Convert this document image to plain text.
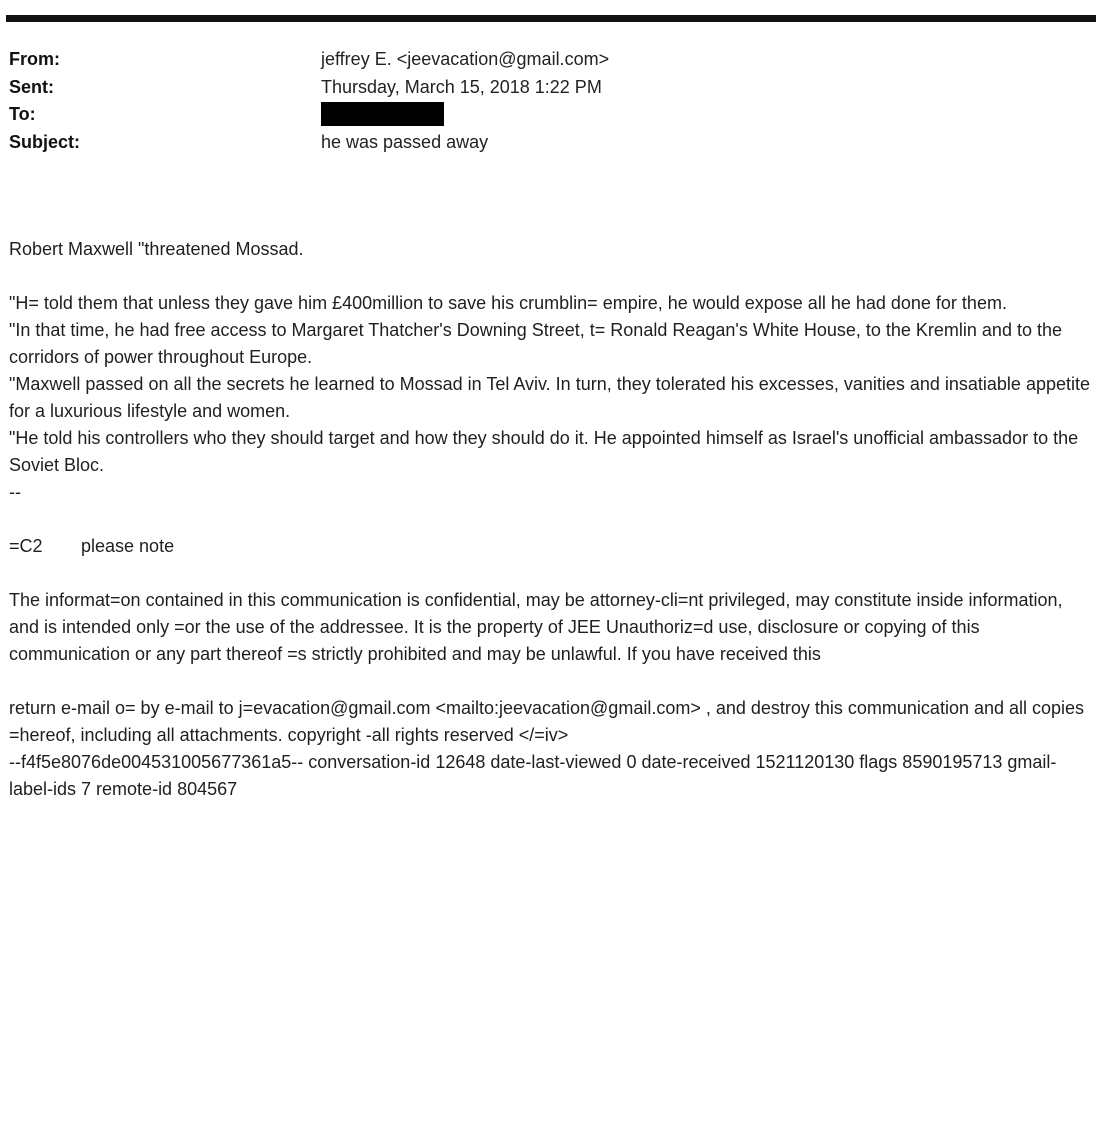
From:	jeffrey E. <jeevacation@gmail.com>
Sent:	Thursday, March 15, 2018 1:22 PM
To:
Subject:	he was passed away

Robert Maxwell "threatened Mossad.

"H= told them that unless they gave him £400million to save his crumblin= empire, he would expose all he had done for them.

"In that time, he had free access to Margaret Thatcher's Downing Street, t= Ronald Reagan's White House, to the Kremlin and to the corridors of power throughout Europe.

"Maxwell passed on all the secrets he learned to Mossad in Tel Aviv. In turn, they tolerated his excesses, vanities and insatiable appetite for a luxurious lifestyle and women.

"He told his controllers who they should target and how they should do it. He appointed himself as Israel's unofficial ambassador to the Soviet Bloc.

--

=C2 please note

The informat=on contained in this communication is confidential, may be attorney-cli=nt privileged, may constitute inside information, and is intended only =or the use of the addressee. It is the property of JEE Unauthoriz=d use, disclosure or copying of this communication or any part thereof =s strictly prohibited and may be unlawful. If you have received this

return e-mail o= by e-mail to j=evacation@gmail.com <mailto:jeevacation@gmail.com> , and destroy this communication and all copies =hereof, including all attachments. copyright -all rights reserved </=iv>

--f4f5e8076de004531005677361a5-- conversation-id 12648 date-last-viewed 0 date-received 1521120130 flags 8590195713 gmail-label-ids 7 remote-id 804567
